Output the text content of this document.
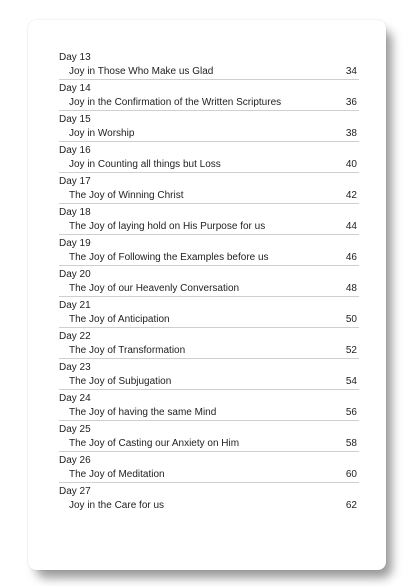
Day 13
Joy in Those Who Make us Glad	34
Day 14
Joy in the Confirmation of the Written Scriptures	36
Day 15
Joy in Worship	38
Day 16
Joy in Counting all things but Loss	40
Day 17
The Joy of Winning Christ	42
Day 18
The Joy of laying hold on His Purpose for us	44
Day 19
The Joy of Following the Examples before us	46
Day 20
The Joy of our Heavenly Conversation	48
Day 21
The Joy of Anticipation	50
Day 22
The Joy of Transformation	52
Day 23
The Joy of Subjugation	54
Day 24
The Joy of having the same Mind	56
Day 25
The Joy of Casting our Anxiety on Him	58
Day 26
The Joy of Meditation	60
Day 27
Joy in the Care for us	62
